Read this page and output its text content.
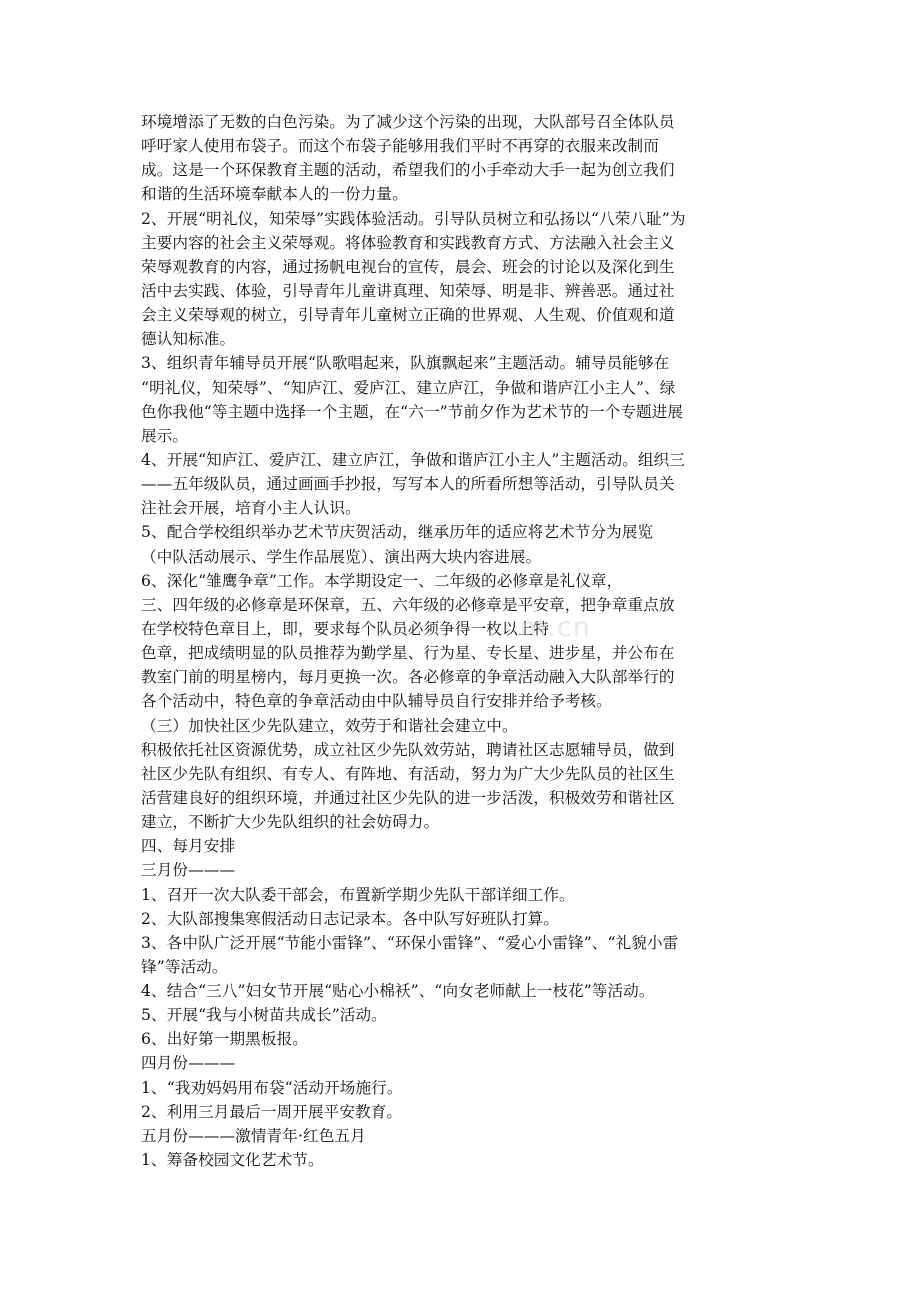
环境增添了无数的白色污染。为了减少这个污染的出现，大队部号召全体队员
呼吁家人使用布袋子。而这个布袋子能够用我们平时不再穿的衣服来改制而
成。这是一个环保教育主题的活动，希望我们的小手牵动大手一起为创立我们
和谐的生活环境奉献本人的一份力量。
2、开展“明礼仪，知荣辱”实践体验活动。引导队员树立和弘扬以“八荣八耻”为
主要内容的社会主义荣辱观。将体验教育和实践教育方式、方法融入社会主义
荣辱观教育的内容，通过扬帆电视台的宣传，晨会、班会的讨论以及深化到生
活中去实践、体验，引导青年儿童讲真理、知荣辱、明是非、辨善恶。通过社
会主义荣辱观的树立，引导青年儿童树立正确的世界观、人生观、价值观和道
德认知标准。
3、组织青年辅导员开展“队歌唱起来，队旗飘起来”主题活动。辅导员能够在
“明礼仪，知荣辱”、“知庐江、爱庐江、建立庐江，争做和谐庐江小主人”、绿
色你我他“等主题中选择一个主题，在“六一”节前夕作为艺术节的一个专题进展
展示。
4、开展“知庐江、爱庐江、建立庐江，争做和谐庐江小主人”主题活动。组织三
——五年级队员，通过画画手抄报，写写本人的所看所想等活动，引导队员关
注社会开展，培育小主人认识。
5、配合学校组织举办艺术节庆贺活动，继承历年的适应将艺术节分为展览
（中队活动展示、学生作品展览）、演出两大块内容进展。
6、深化“雏鹰争章”工作。本学期设定一、二年级的必修章是礼仪章，
三、四年级的必修章是环保章，五、六年级的必修章是平安章，把争章重点放
在学校特色章目上，即，要求每个队员必须争得一枚以上特
色章，把成绩明显的队员推荐为勤学星、行为星、专长星、进步星，并公布在
教室门前的明星榜内，每月更换一次。各必修章的争章活动融入大队部举行的
各个活动中，特色章的争章活动由中队辅导员自行安排并给予考核。
（三）加快社区少先队建立，效劳于和谐社会建立中。
积极依托社区资源优势，成立社区少先队效劳站，聘请社区志愿辅导员，做到
社区少先队有组织、有专人、有阵地、有活动，努力为广大少先队员的社区生
活营建良好的组织环境，并通过社区少先队的进一步活泼，积极效劳和谐社区
建立，不断扩大少先队组织的社会妨碍力。
四、每月安排
三月份———
1、召开一次大队委干部会，布置新学期少先队干部详细工作。
2、大队部搜集寒假活动日志记录本。各中队写好班队打算。
3、各中队广泛开展“节能小雷锋”、“环保小雷锋”、“爱心小雷锋”、“礼貌小雷
锋”等活动。
4、结合“三八”妇女节开展“贴心小棉袄”、“向女老师献上一枝花”等活动。
5、开展“我与小树苗共成长”活动。
6、出好第一期黑板报。
四月份———
1、“我劝妈妈用布袋“活动开场施行。
2、利用三月最后一周开展平安教育。
五月份———激情青年·红色五月
1、筹备校园文化艺术节。
m.cn
